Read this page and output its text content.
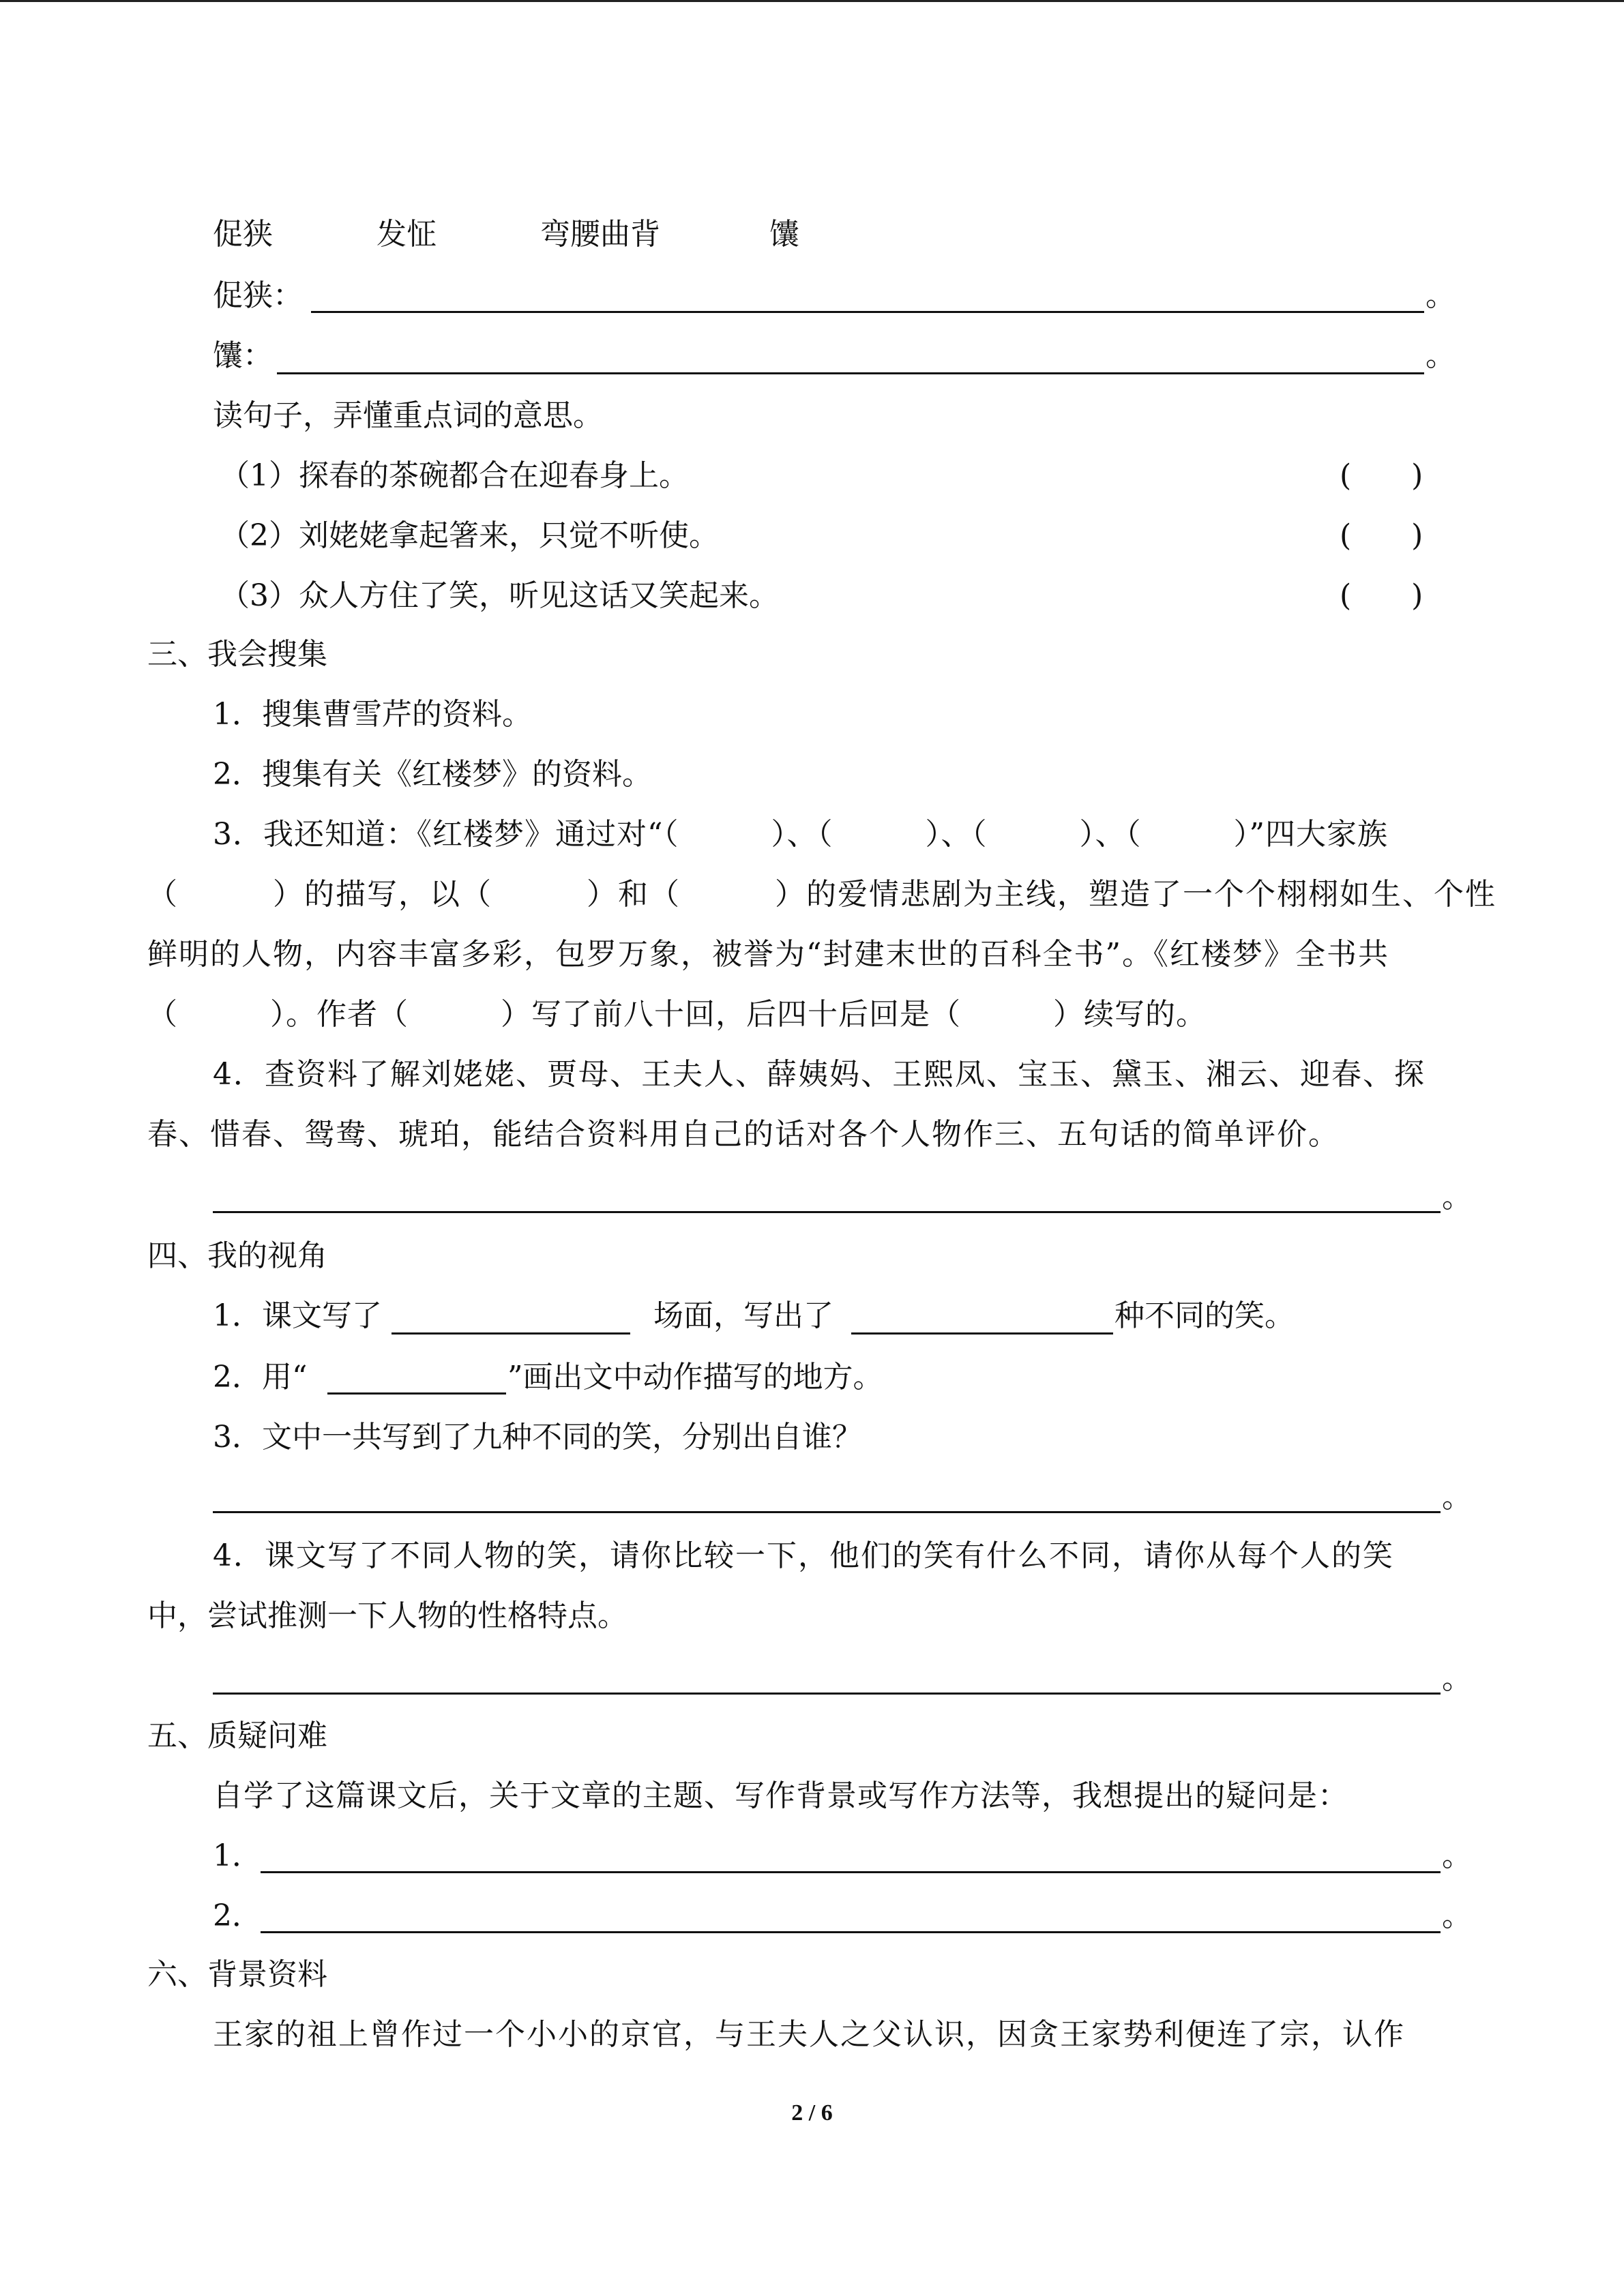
促狭	发怔	弯腰曲背	馕
促狭：	。
馕：	。
读句子，弄懂重点词的意思。
（1）探春的茶碗都合在迎春身上。	(　　)
（2）刘姥姥拿起箸来，只觉不听使。	(　　)
（3）众人方住了笑，听见这话又笑起来。	(　　)
三、我会搜集
1．搜集曹雪芹的资料。
2．搜集有关《红楼梦》的资料。
3．我还知道：《红楼梦》通过对“（　　　）、（　　　）、（　　　）、（　　　）”四大家族
（　　　）的描写，以（　　　）和（　　　）的爱情悲剧为主线，塑造了一个个栩栩如生、个性
鲜明的人物，内容丰富多彩，包罗万象，被誉为“封建末世的百科全书”。《红楼梦》全书共
（　　　）。作者（　　　）写了前八十回，后四十后回是（　　　）续写的。
4．查资料了解刘姥姥、贾母、王夫人、薛姨妈、王熙凤、宝玉、黛玉、湘云、迎春、探
春、惜春、鸳鸯、琥珀，能结合资料用自己的话对各个人物作三、五句话的简单评价。
。
四、我的视角
1．课文写了	场面，写出了	种不同的笑。
2．用“	”画出文中动作描写的地方。
3．文中一共写到了九种不同的笑，分别出自谁？
。
4．课文写了不同人物的笑，请你比较一下，他们的笑有什么不同，请你从每个人的笑
中，尝试推测一下人物的性格特点。
。
五、质疑问难
自学了这篇课文后，关于文章的主题、写作背景或写作方法等，我想提出的疑问是：
1．	。
2．	。
六、背景资料
王家的祖上曾作过一个小小的京官，与王夫人之父认识，因贪王家势利便连了宗，认作
2 / 6
